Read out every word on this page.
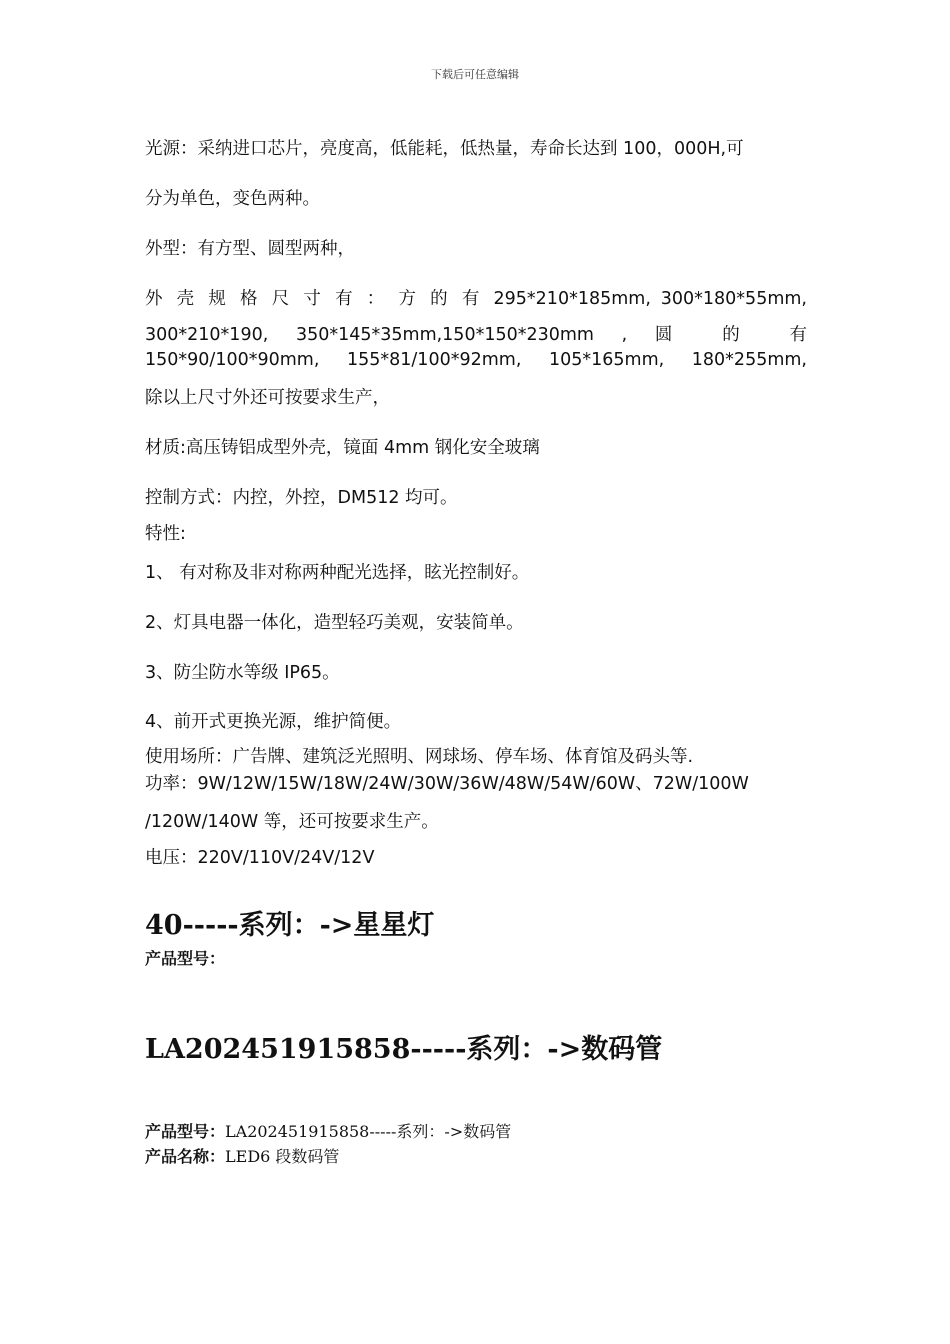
下载后可任意编辑
光源：采纳进口芯片，亮度高，低能耗，低热量，寿命长达到 100，000H,可
分为单色，变色两种。
外型：有方型、圆型两种，
外 壳 规 格 尺 寸 有 ： 方 的 有 295*210*185mm, 300*180*55mm,
300*210*190, 350*145*35mm,150*150*230mm , 圆 的 有
150*90/100*90mm, 155*81/100*92mm, 105*165mm, 180*255mm,
除以上尺寸外还可按要求生产，
材质:高压铸铝成型外壳，镜面 4mm 钢化安全玻璃
控制方式：内控，外控，DM512 均可。
特性:
1、 有对称及非对称两种配光选择，眩光控制好。
2、灯具电器一体化，造型轻巧美观，安装简单。
3、防尘防水等级 IP65。
4、前开式更换光源，维护简便。
使用场所：广告牌、建筑泛光照明、网球场、停车场、体育馆及码头等.
功率：9W/12W/15W/18W/24W/30W/36W/48W/54W/60W、72W/100W
/120W/140W 等，还可按要求生产。
电压：220V/110V/24V/12V
40-----系列：->星星灯
产品型号：
LA202451915858-----系列：->数码管
产品型号：LA202451915858-----系列：->数码管
产品名称：LED6 段数码管
